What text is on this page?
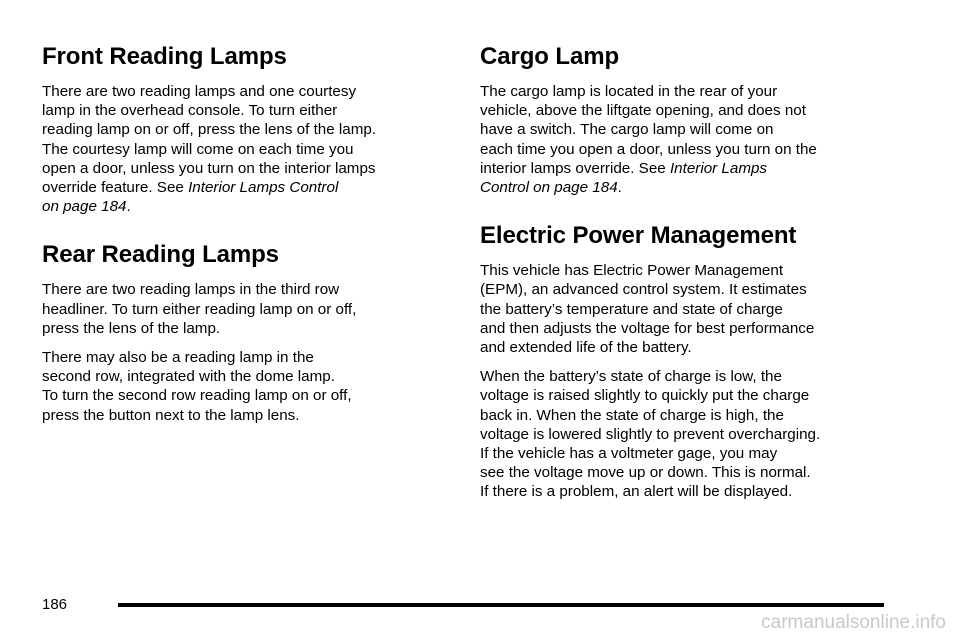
Front Reading Lamps

There are two reading lamps and one courtesy
lamp in the overhead console. To turn either
reading lamp on or off, press the lens of the lamp.
The courtesy lamp will come on each time you
open a door, unless you turn on the interior lamps
override feature. See Interior Lamps Control
on page 184.

Rear Reading Lamps

There are two reading lamps in the third row
headliner. To turn either reading lamp on or off,
press the lens of the lamp.

There may also be a reading lamp in the
second row, integrated with the dome lamp.
To turn the second row reading lamp on or off,
press the button next to the lamp lens.

Cargo Lamp

The cargo lamp is located in the rear of your
vehicle, above the liftgate opening, and does not
have a switch. The cargo lamp will come on
each time you open a door, unless you turn on the
interior lamps override. See Interior Lamps
Control on page 184.

Electric Power Management

This vehicle has Electric Power Management
(EPM), an advanced control system. It estimates
the battery’s temperature and state of charge
and then adjusts the voltage for best performance
and extended life of the battery.

When the battery’s state of charge is low, the
voltage is raised slightly to quickly put the charge
back in. When the state of charge is high, the
voltage is lowered slightly to prevent overcharging.
If the vehicle has a voltmeter gage, you may
see the voltage move up or down. This is normal.
If there is a problem, an alert will be displayed.

186
carmanualsonline.info
